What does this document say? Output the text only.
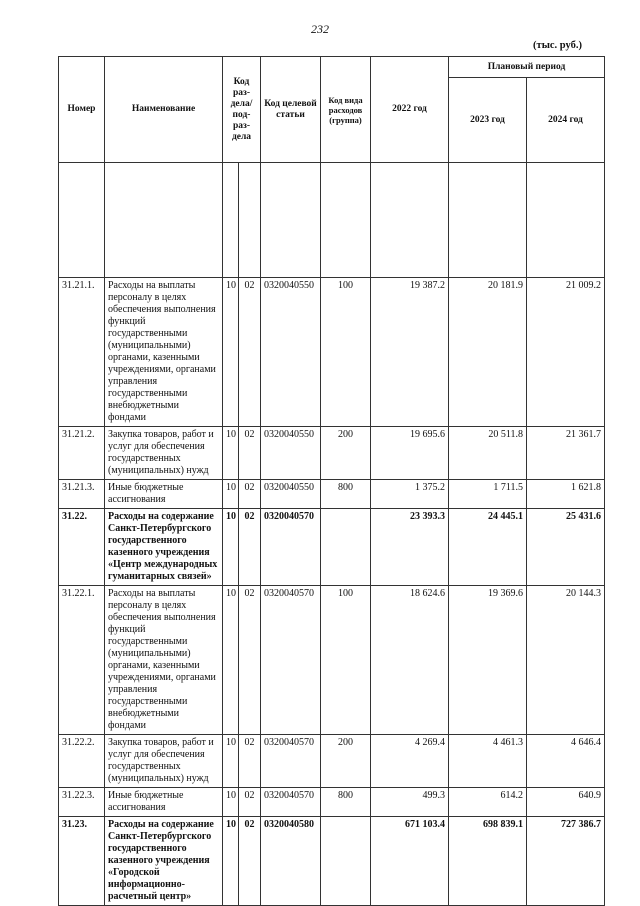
232
(тыс. руб.)
Номер	Наименование	Код раз-дела/ под-раз-дела		Код целевой статьи	Код вида расходов (группа)	2022 год	Плановый период	
							2023 год	2024 год

31.21.1.	Расходы на выплаты персоналу в целях обеспечения выполнения функций государственными (муниципальными) органами, казенными учреждениями, органами управления государственными внебюджетными фондами	10	02	0320040550	100	19 387.2	20 181.9	21 009.2
31.21.2.	Закупка товаров, работ и услуг для обеспечения государственных (муниципальных) нужд	10	02	0320040550	200	19 695.6	20 511.8	21 361.7
31.21.3.	Иные бюджетные ассигнования	10	02	0320040550	800	1 375.2	1 711.5	1 621.8
31.22.	Расходы на содержание Санкт-Петербургского государственного казенного учреждения «Центр международных гуманитарных связей»	10	02	0320040570		23 393.3	24 445.1	25 431.6
31.22.1.	Расходы на выплаты персоналу в целях обеспечения выполнения функций государственными (муниципальными) органами, казенными учреждениями, органами управления государственными внебюджетными фондами	10	02	0320040570	100	18 624.6	19 369.6	20 144.3
31.22.2.	Закупка товаров, работ и услуг для обеспечения государственных (муниципальных) нужд	10	02	0320040570	200	4 269.4	4 461.3	4 646.4
31.22.3.	Иные бюджетные ассигнования	10	02	0320040570	800	499.3	614.2	640.9
31.23.	Расходы на содержание Санкт-Петербургского государственного казенного учреждения «Городской информационно-расчетный центр»	10	02	0320040580		671 103.4	698 839.1	727 386.7
